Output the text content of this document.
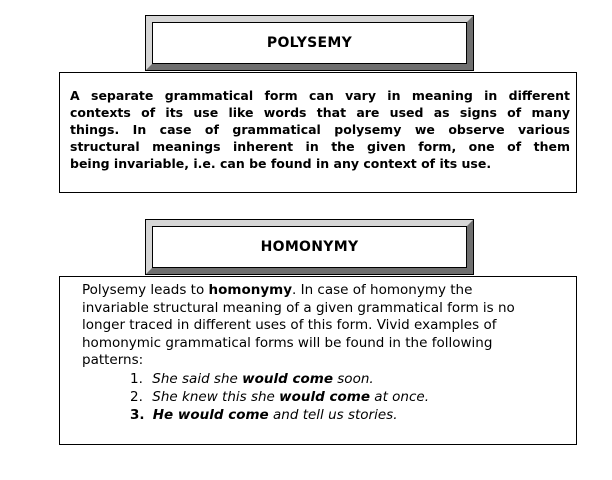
POLYSEMY
A separate grammatical form can vary in meaning in different
contexts of its use like words that are used as signs of many
things. In case of grammatical polysemy we observe various
structural meanings inherent in the given form, one of them
being invariable, i.e. can be found in any context of its use.
HOMONYMY
Polysemy leads to homonymy. In case of homonymy the
invariable structural meaning of a given grammatical form is no
longer traced in different uses of this form. Vivid examples of
homonymic grammatical forms will be found in the following
patterns:
1. She said she would come soon.
2. She knew this she would come at once.
3. He would come and tell us stories.
